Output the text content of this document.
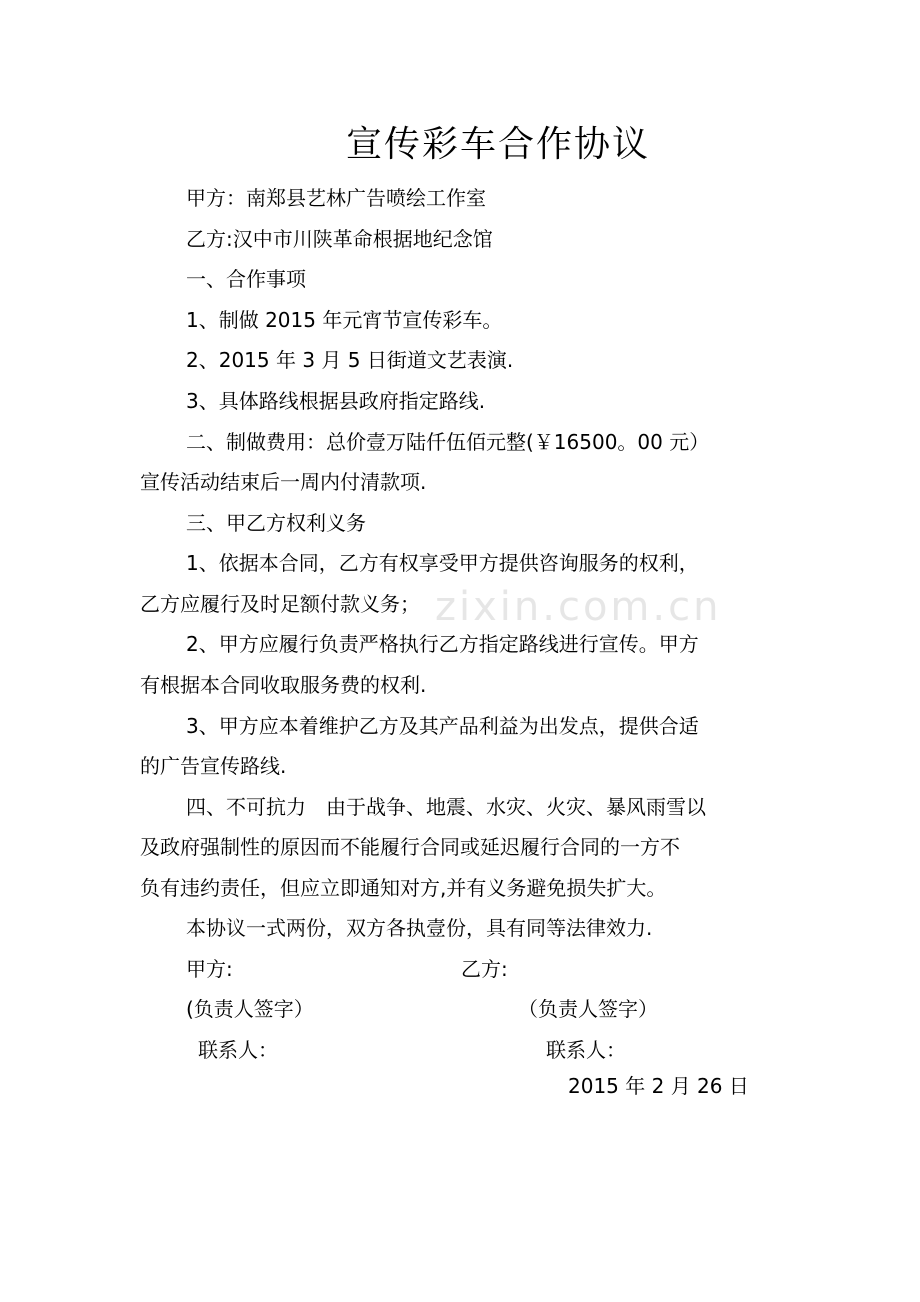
zixin.com.cn
宣传彩车合作协议
甲方：南郑县艺林广告喷绘工作室
乙方:汉中市川陕革命根据地纪念馆
一、合作事项
1、制做 2015 年元宵节宣传彩车。
2、2015 年 3 月 5 日街道文艺表演.
3、具体路线根据县政府指定路线.
二、制做费用：总价壹万陆仟伍佰元整(￥16500。00 元）
宣传活动结束后一周内付清款项.
三、甲乙方权利义务
1、依据本合同，乙方有权享受甲方提供咨询服务的权利，
乙方应履行及时足额付款义务；
2、甲方应履行负责严格执行乙方指定路线进行宣传。甲方
有根据本合同收取服务费的权利.
3、甲方应本着维护乙方及其产品利益为出发点，提供合适
的广告宣传路线.
四、不可抗力　由于战争、地震、水灾、火灾、暴风雨雪以
及政府强制性的原因而不能履行合同或延迟履行合同的一方不
负有违约责任，但应立即通知对方,并有义务避免损失扩大。
本协议一式两份，双方各执壹份，具有同等法律效力.
甲方:	乙方:
(负责人签字）	（负责人签字）
联系人：	联系人：
2015 年 2 月 26 日
